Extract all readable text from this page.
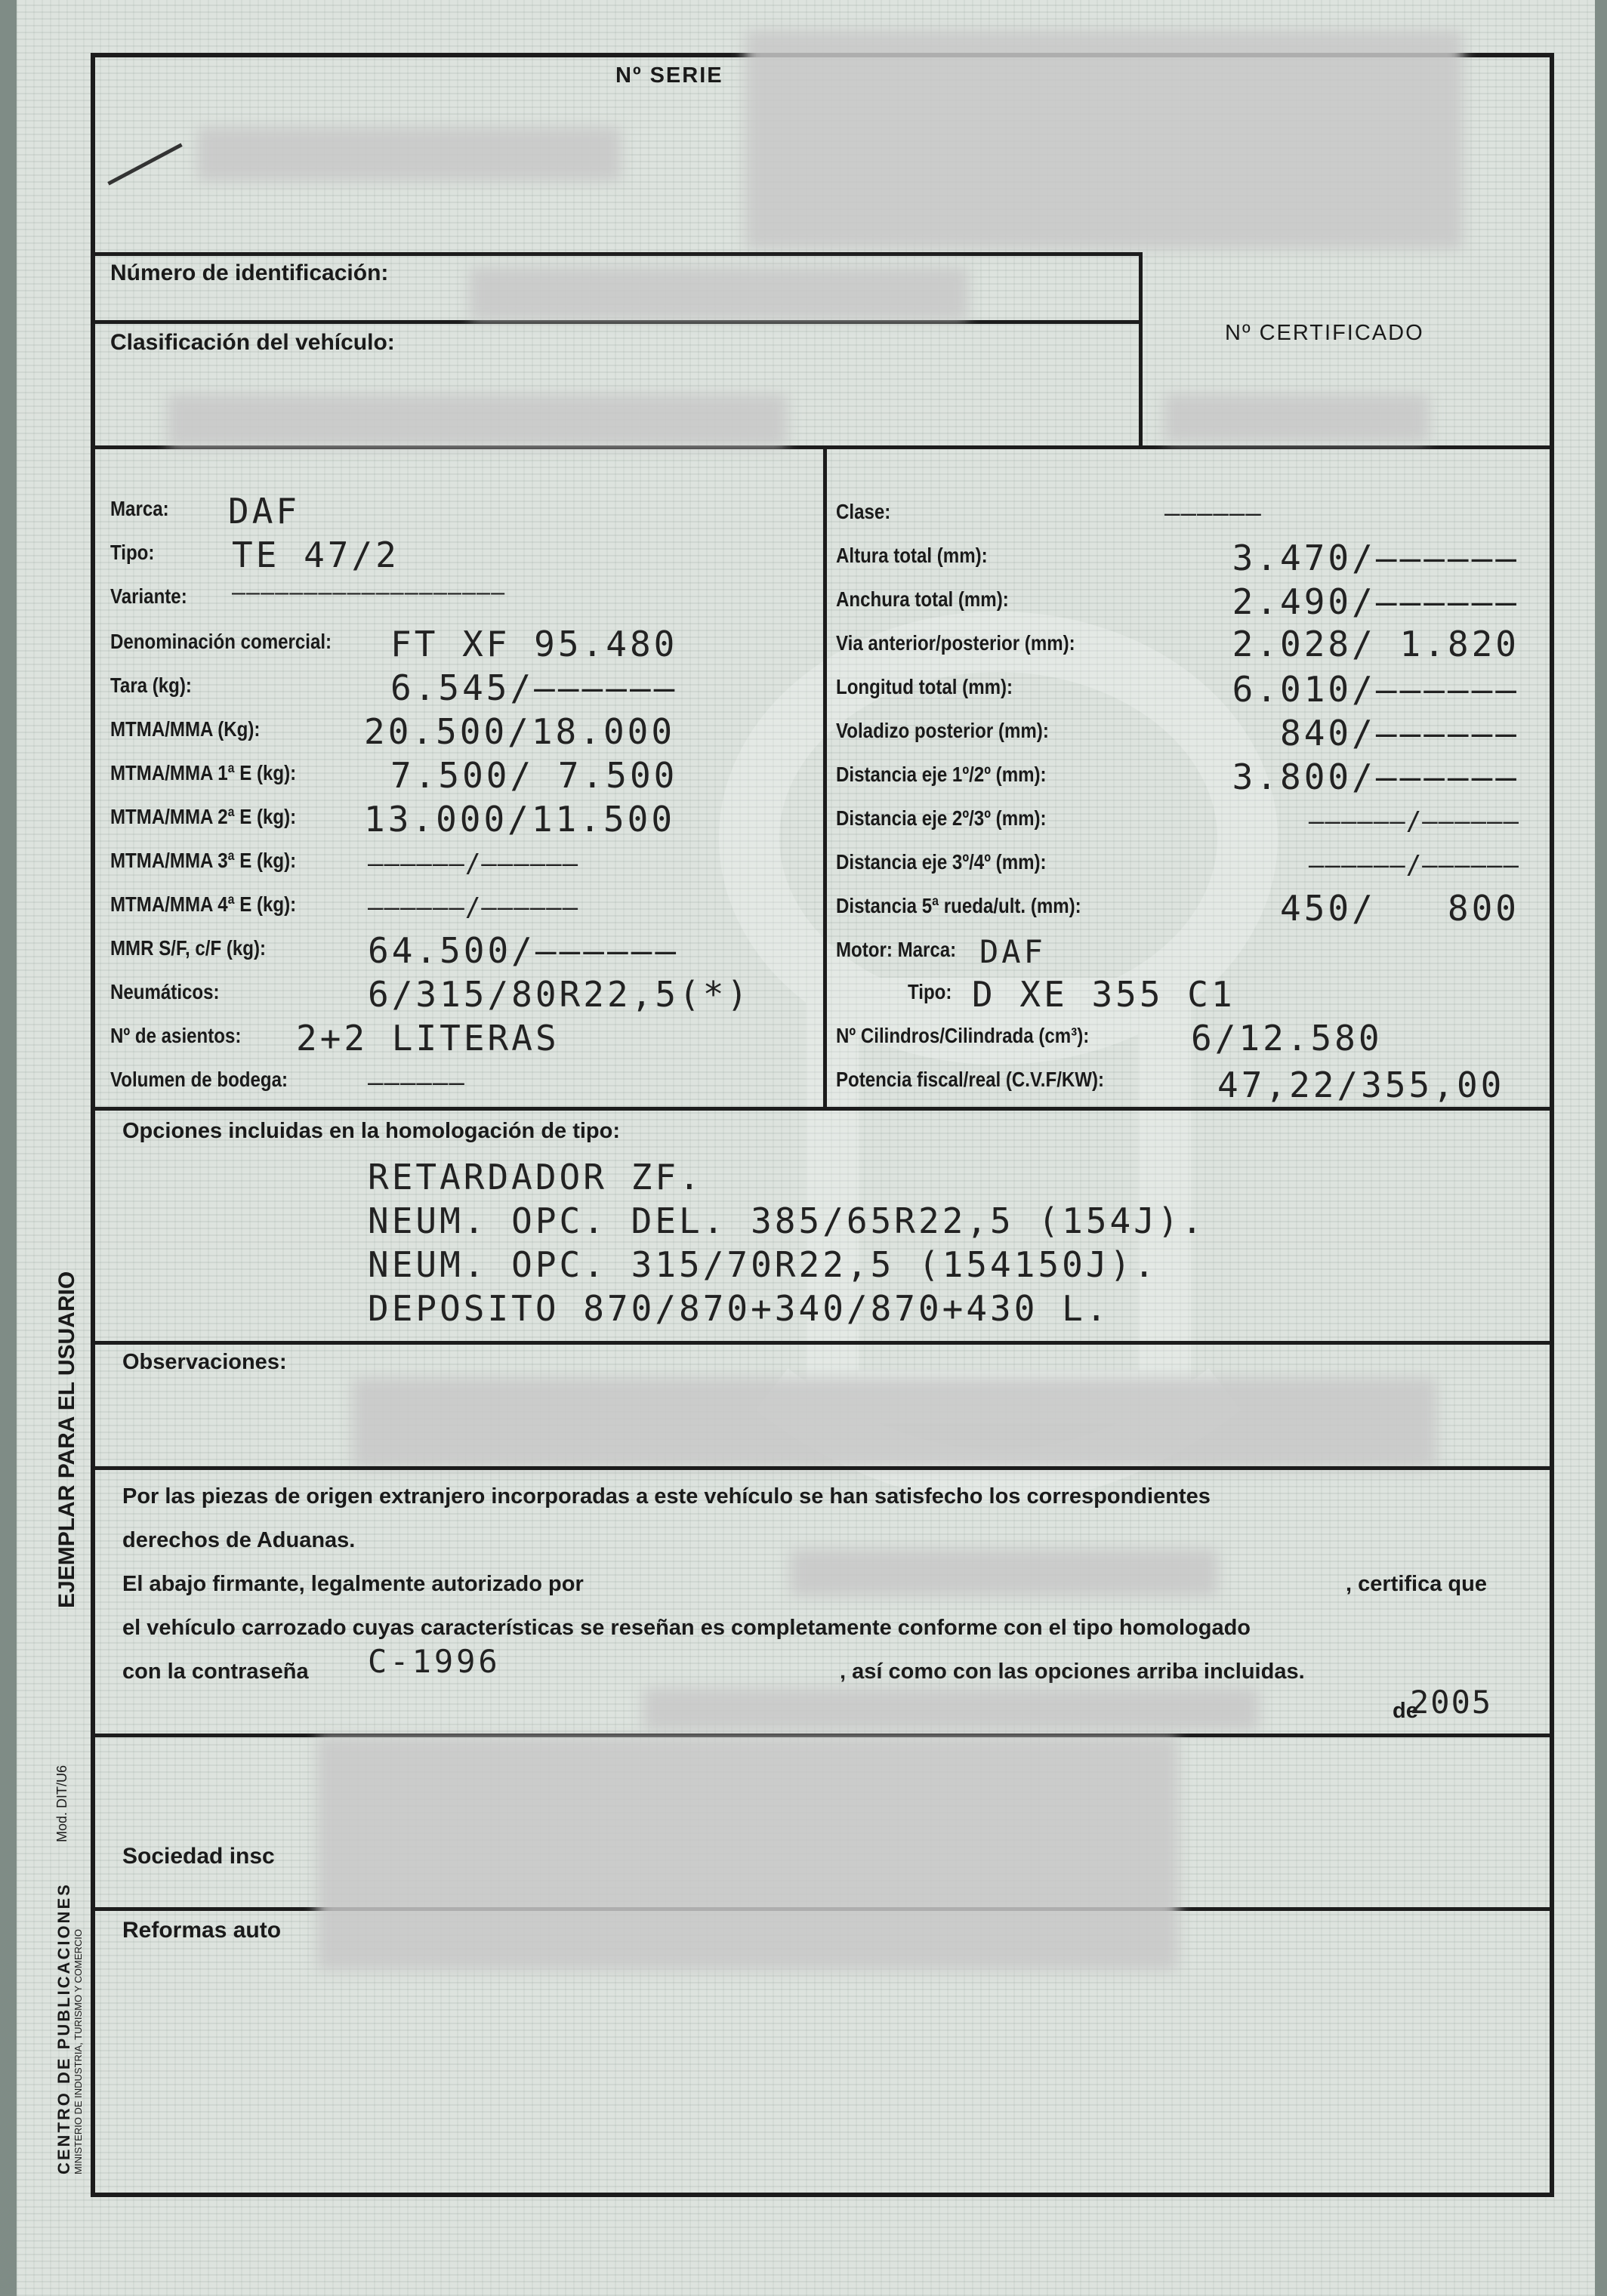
Nº SERIE
Número de identificación:
Clasificación del vehículo:	Nº CERTIFICADO
Marca: DAF
Tipo: TE 47/2
Variante: ———————————————————
Denominación comercial: FT XF 95.480
Tara (kg):	6.545/——————
MTMA/MMA (Kg):	20.500/18.000
MTMA/MMA 1ª E (kg):	7.500/ 7.500
MTMA/MMA 2ª E (kg): 13.000/11.500
MTMA/MMA 3ª E (kg):	——————/——————
MTMA/MMA 4ª E (kg):	——————/——————
MMR S/F, c/F (kg):	64.500/——————
Neumáticos:	6/315/80R22,5(*)
Nº de asientos: 2+2 LITERAS
Volumen de bodega:	——————
Clase:	——————
Altura total (mm):	3.470/——————
Anchura total (mm):	2.490/——————
Via anterior/posterior (mm):	2.028/ 1.820
Longitud total (mm):	6.010/——————
Voladizo posterior (mm):	840/——————
Distancia eje 1º/2º (mm):	3.800/——————
Distancia eje 2º/3º (mm):	——————/——————
Distancia eje 3º/4º (mm):	——————/——————
Distancia 5ª rueda/ult. (mm):	450/   800
Motor: Marca: DAF
Tipo: D XE 355 C1
Nº Cilindros/Cilindrada (cm³):	6/12.580
Potencia fiscal/real (C.V.F/KW):	47,22/355,00
Opciones incluidas en la homologación de tipo:
RETARDADOR ZF.
NEUM. OPC. DEL. 385/65R22,5 (154J).
NEUM. OPC. 315/70R22,5 (154150J).
DEPOSITO 870/870+340/870+430 L.
Observaciones:
Por las piezas de origen extranjero incorporadas a este vehículo se han satisfecho los correspondientes
derechos de Aduanas.
El abajo firmante, legalmente autorizado por	, certifica que
el vehículo carrozado cuyas características se reseñan es completamente conforme con el tipo homologado
con la contraseña C-1996	, así como con las opciones arriba incluidas.
de
2005
Sociedad insc
Reformas auto
EJEMPLAR PARA EL USUARIO
Mod. DIT/U6
CENTRO DE PUBLICACIONES MINISTERIO DE INDUSTRIA, TURISMO Y COMERCIO
